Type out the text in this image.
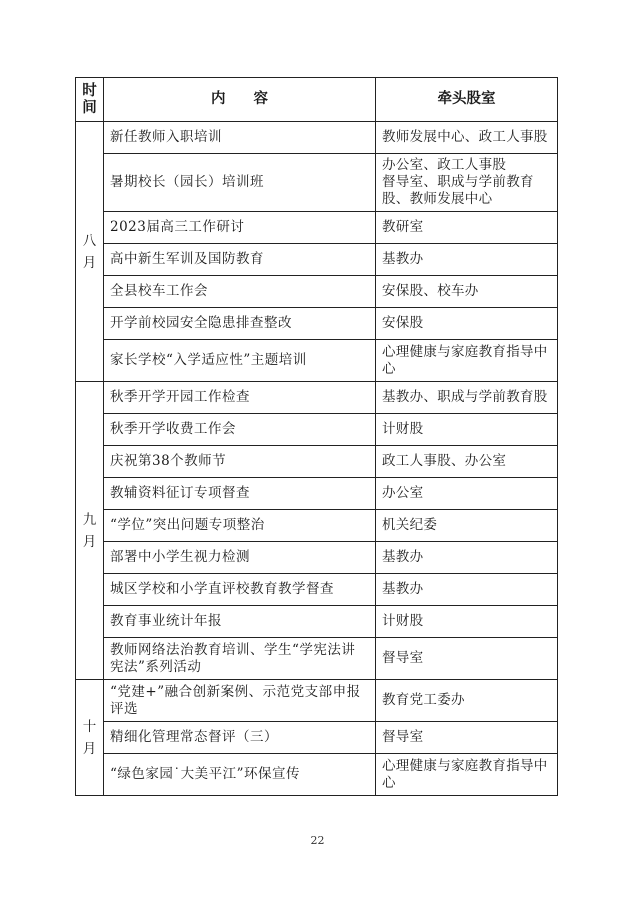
时
间	内容	牵头股室

八
月	新任教师入职培训	教师发展中心、政工人事股
	暑期校长（园长）培训班	办公室、政工人事股
督导室、职成与学前教育股、教师发展中心
	2023届高三工作研讨	教研室
	高中新生军训及国防教育	基教办
	全县校车工作会	安保股、校车办
	开学前校园安全隐患排查整改	安保股
	家长学校“入学适应性”主题培训	心理健康与家庭教育指导中心

九
月	秋季开学开园工作检查	基教办、职成与学前教育股
	秋季开学收费工作会	计财股
	庆祝第38个教师节	政工人事股、办公室
	教辅资料征订专项督查	办公室
	“学位”突出问题专项整治	机关纪委
	部署中小学生视力检测	基教办
	城区学校和小学直评校教育教学督查	基教办
	教育事业统计年报	计财股
	教师网络法治教育培训、学生“学宪法讲宪法”系列活动	督导室

十
月	“党建+”融合创新案例、示范党支部申报评选	教育党工委办
	精细化管理常态督评（三）	督导室
	“绿色家园˙大美平江”环保宣传	心理健康与家庭教育指导中心
22
